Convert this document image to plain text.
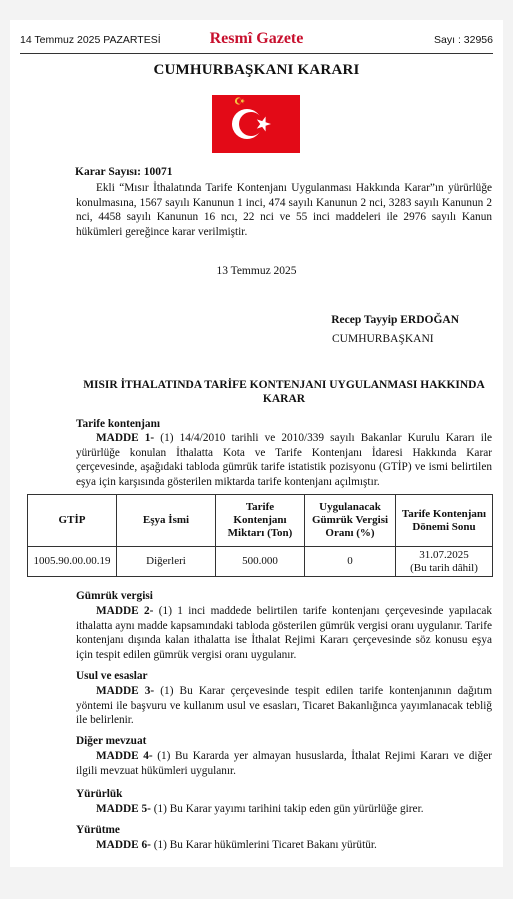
14 Temmuz 2025 PAZARTESİ	Resmî Gazete	Sayı : 32956
CUMHURBAŞKANI KARARI
Karar Sayısı: 10071
Ekli “Mısır İthalatında Tarife Kontenjanı Uygulanması Hakkında Karar”ın yürürlüğe konulmasına, 1567 sayılı Kanunun 1 inci, 474 sayılı Kanunun 2 nci, 3283 sayılı Kanunun 2 nci, 4458 sayılı Kanunun 16 ncı, 22 nci ve 55 inci maddeleri ile 2976 sayılı Kanun hükümleri gereğince karar verilmiştir.
13 Temmuz 2025
Recep Tayyip ERDOĞAN
CUMHURBAŞKANI
MISIR İTHALATINDA TARİFE KONTENJANI UYGULANMASI HAKKINDA KARAR
Tarife kontenjanı
MADDE 1- (1) 14/4/2010 tarihli ve 2010/339 sayılı Bakanlar Kurulu Kararı ile yürürlüğe konulan İthalatta Kota ve Tarife Kontenjanı İdaresi Hakkında Karar çerçevesinde, aşağıdaki tabloda gümrük tarife istatistik pozisyonu (GTİP) ve ismi belirtilen eşya için karşısında gösterilen miktarda tarife kontenjanı açılmıştır.
GTİP	Eşya İsmi	Tarife Kontenjanı Miktarı (Ton)	Uygulanacak Gümrük Vergisi Oranı (%)	Tarife Kontenjanı Dönemi Sonu
1005.90.00.00.19	Diğerleri	500.000	0	31.07.2025
(Bu tarih dâhil)
Gümrük vergisi
MADDE 2- (1) 1 inci maddede belirtilen tarife kontenjanı çerçevesinde yapılacak ithalatta aynı madde kapsamındaki tabloda gösterilen gümrük vergisi oranı uygulanır. Tarife kontenjanı dışında kalan ithalatta ise İthalat Rejimi Kararı çerçevesinde söz konusu eşya için tespit edilen gümrük vergisi oranı uygulanır.
Usul ve esaslar
MADDE 3- (1) Bu Karar çerçevesinde tespit edilen tarife kontenjanının dağıtım yöntemi ile başvuru ve kullanım usul ve esasları, Ticaret Bakanlığınca yayımlanacak tebliğ ile belirlenir.
Diğer mevzuat
MADDE 4- (1) Bu Kararda yer almayan hususlarda, İthalat Rejimi Kararı ve diğer ilgili mevzuat hükümleri uygulanır.
Yürürlük
MADDE 5- (1) Bu Karar yayımı tarihini takip eden gün yürürlüğe girer.
Yürütme
MADDE 6- (1) Bu Karar hükümlerini Ticaret Bakanı yürütür.
